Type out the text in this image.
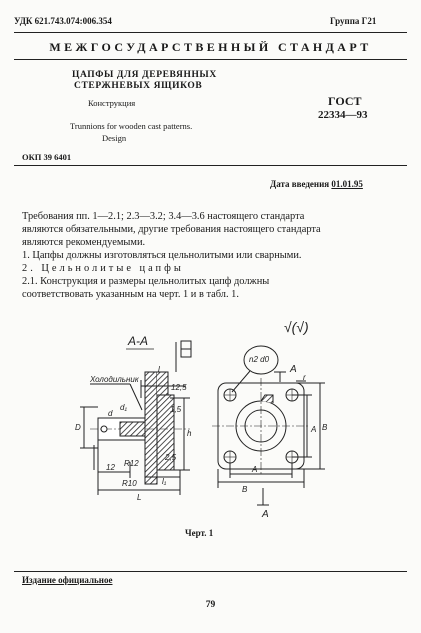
УДК 621.743.074:006.354	Группа Г21
МЕЖГОСУДАРСТВЕННЫЙ СТАНДАРТ
ЦАПФЫ ДЛЯ ДЕРЕВЯННЫХ
СТЕРЖНЕВЫХ ЯЩИКОВ
Конструкция
Trunnions for wooden cast patterns.
Design
ГОСТ
22334—93
ОКП 39 6401
Дата введения 01.01.95
Требования пп. 1—2.1; 2.3—3.2; 3.4—3.6 настоящего стандарта
являются обязательными, другие требования настоящего стандарта
являются рекомендуемыми.
1. Цапфы должны изготовляться цельнолитыми или сварными.
2. Цельнолитые цапфы
2.1. Конструкция и размеры цельнолитых цапф должны
соответствовать указанным на черт. 1 и в табл. 1.
√(√)
А-А
Холодильник
D
d
d₁
12 R12
R10
L
l₁
l
12,5
h
1,5
2,5
n2 d0
A
A
r
A B
A
B
Черт. 1
Издание официальное
79
